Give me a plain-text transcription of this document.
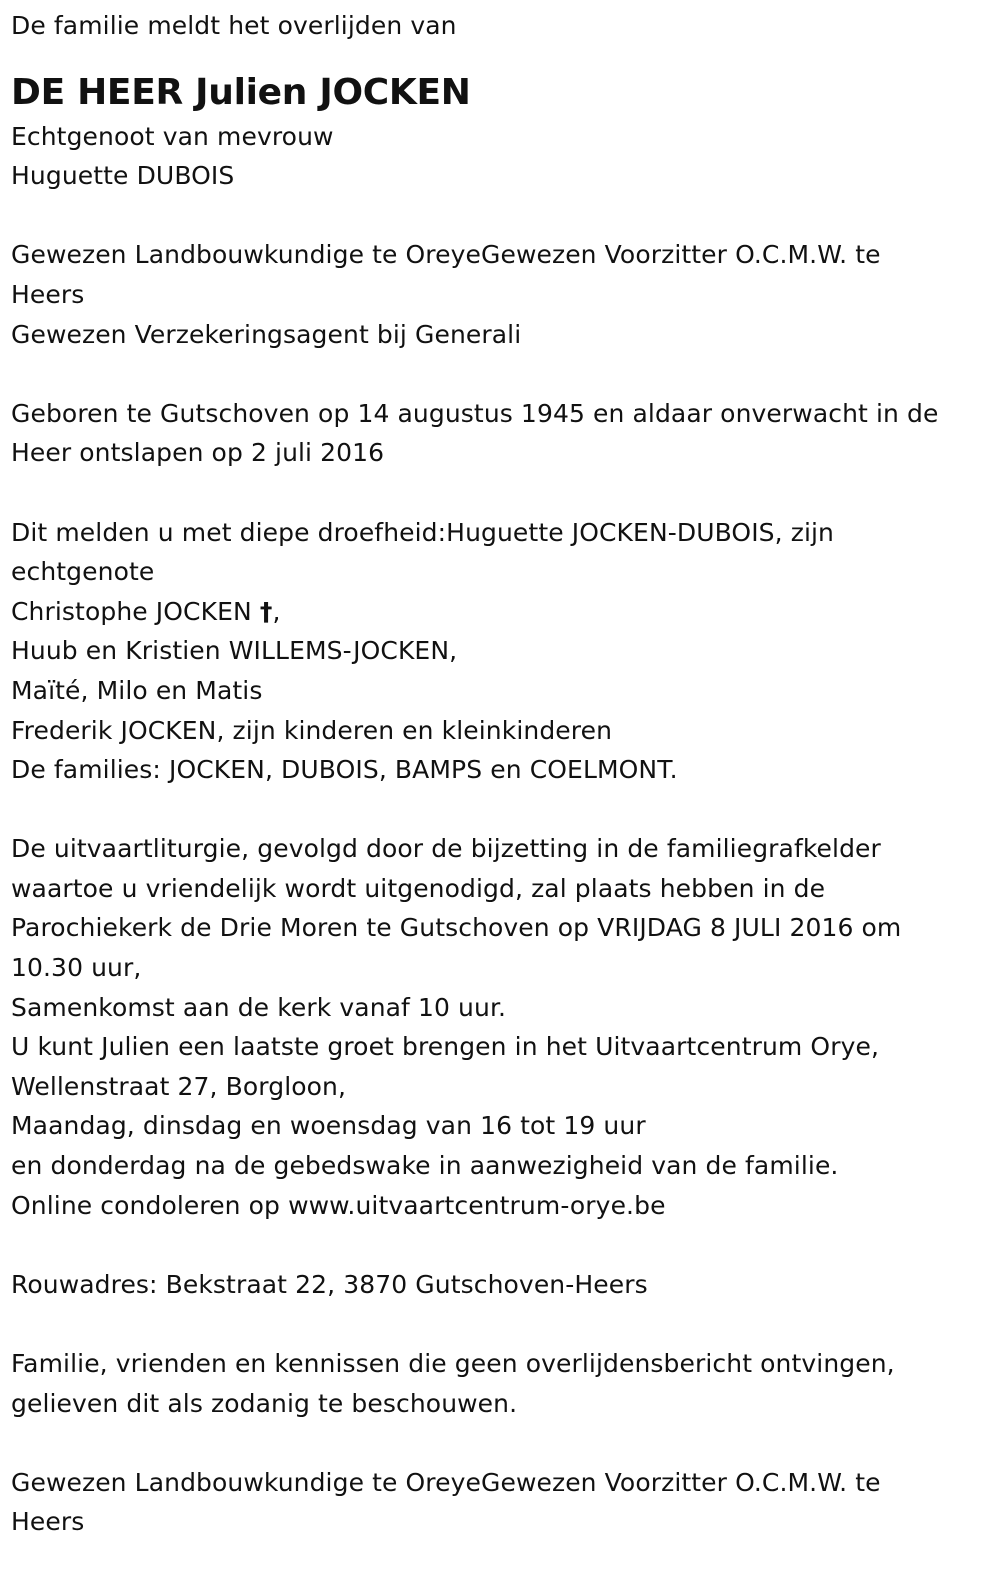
De familie meldt het overlijden van

DE HEER Julien JOCKEN

Echtgenoot van mevrouw

Huguette DUBOIS

Gewezen Landbouwkundige te OreyeGewezen Voorzitter O.C.M.W. te

Heers

Gewezen Verzekeringsagent bij Generali

Geboren te Gutschoven op 14 augustus 1945 en aldaar onverwacht in de

Heer ontslapen op 2 juli 2016

Dit melden u met diepe droefheid:Huguette JOCKEN-DUBOIS, zijn

echtgenote

Christophe JOCKEN †,

Huub en Kristien WILLEMS-JOCKEN,

Maïté, Milo en Matis

Frederik JOCKEN, zijn kinderen en kleinkinderen

De families: JOCKEN, DUBOIS, BAMPS en COELMONT.

De uitvaartliturgie, gevolgd door de bijzetting in de familiegrafkelder

waartoe u vriendelijk wordt uitgenodigd, zal plaats hebben in de

Parochiekerk de Drie Moren te Gutschoven op VRIJDAG 8 JULI 2016 om

10.30 uur,

Samenkomst aan de kerk vanaf 10 uur.

U kunt Julien een laatste groet brengen in het Uitvaartcentrum Orye,

Wellenstraat 27, Borgloon,

Maandag, dinsdag en woensdag van 16 tot 19 uur

en donderdag na de gebedswake in aanwezigheid van de familie.

Online condoleren op www.uitvaartcentrum-orye.be

Rouwadres: Bekstraat 22, 3870 Gutschoven-Heers

Familie, vrienden en kennissen die geen overlijdensbericht ontvingen,

gelieven dit als zodanig te beschouwen.

Gewezen Landbouwkundige te OreyeGewezen Voorzitter O.C.M.W. te

Heers
